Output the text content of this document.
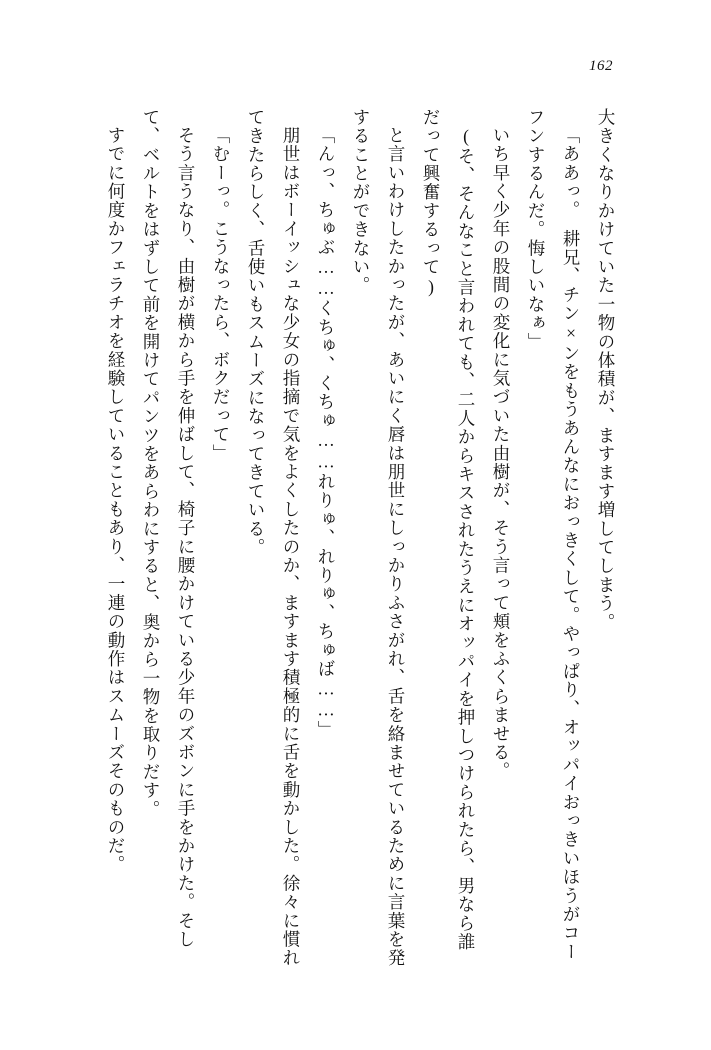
162

大きくなりかけていた一物の体積が、ますます増してしまう。

「ああっ。　耕兄、チン×ンをもうあんなにおっきくして。やっぱり、オッパイおっきいほうがコーフンするんだ。悔しいなぁ」

いち早く少年の股間の変化に気づいた由樹が、そう言って頬をふくらませる。

(そ、そんなこと言われても、二人からキスされたうえにオッパイを押しつけられたら、男なら誰だって興奮するって)

と言いわけしたかったが、あいにく唇は朋世にしっかりふさがれ、舌を絡ませているために言葉を発することができない。

「んっ、ちゅぶ……くちゅ、くちゅ……れりゅ、れりゅ、ちゅば……」

朋世はボーイッシュな少女の指摘で気をよくしたのか、ますます積極的に舌を動かした。徐々に慣れてきたらしく、舌使いもスムーズになってきている。

「むーっ。こうなったら、ボクだって」

そう言うなり、由樹が横から手を伸ばして、椅子に腰かけている少年のズボンに手をかけた。そして、ベルトをはずして前を開けてパンツをあらわにすると、奥から一物を取りだす。

すでに何度かフェラチオを経験していることもあり、一連の動作はスムーズそのものだ。
